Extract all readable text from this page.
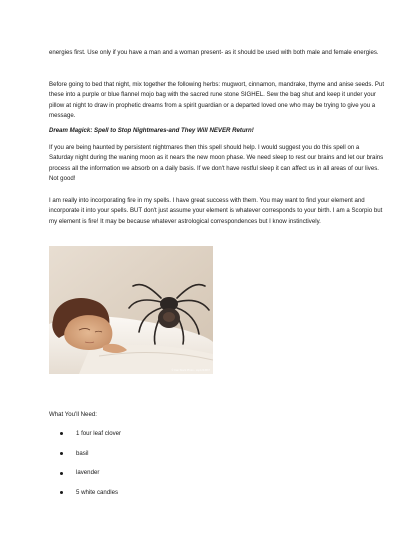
energies first. Use only if you have a man and a woman present- as it should be used with both male and female energies.

Before going to bed that night, mix together the following herbs: mugwort, cinnamon, mandrake, thyme and anise seeds. Put these into a purple or blue flannel mojo bag with the sacred rune stone SIGHEL. Sew the bag shut and keep it under your pillow at night to draw in prophetic dreams from a spirit guardian or a departed loved one who may be trying to give you a message.

Dream Magick: Spell to Stop Nightmares-and They Will NEVER Return!

If you are being haunted by persistent nightmares then this spell should help. I would suggest you do this spell on a Saturday night during the waning moon as it nears the new moon phase. We need sleep to rest our brains and let our brains process all the information we absorb on a daily basis. If we don't have restful sleep it can affect us in all areas of our lives. Not good!

I am really into incorporating fire in my spells. I have great success with them. You may want to find your element and incorporate it into your spells. BUT don't just assume your element is whatever corresponds to your birth. I am a Scorpio but my element is fire! It may be because whatever astrological correspondences but I know instinctively.

© Can Stock Photo - csp1234567
What You'll Need:
1 four leaf clover
basil
lavender
5 white candles
